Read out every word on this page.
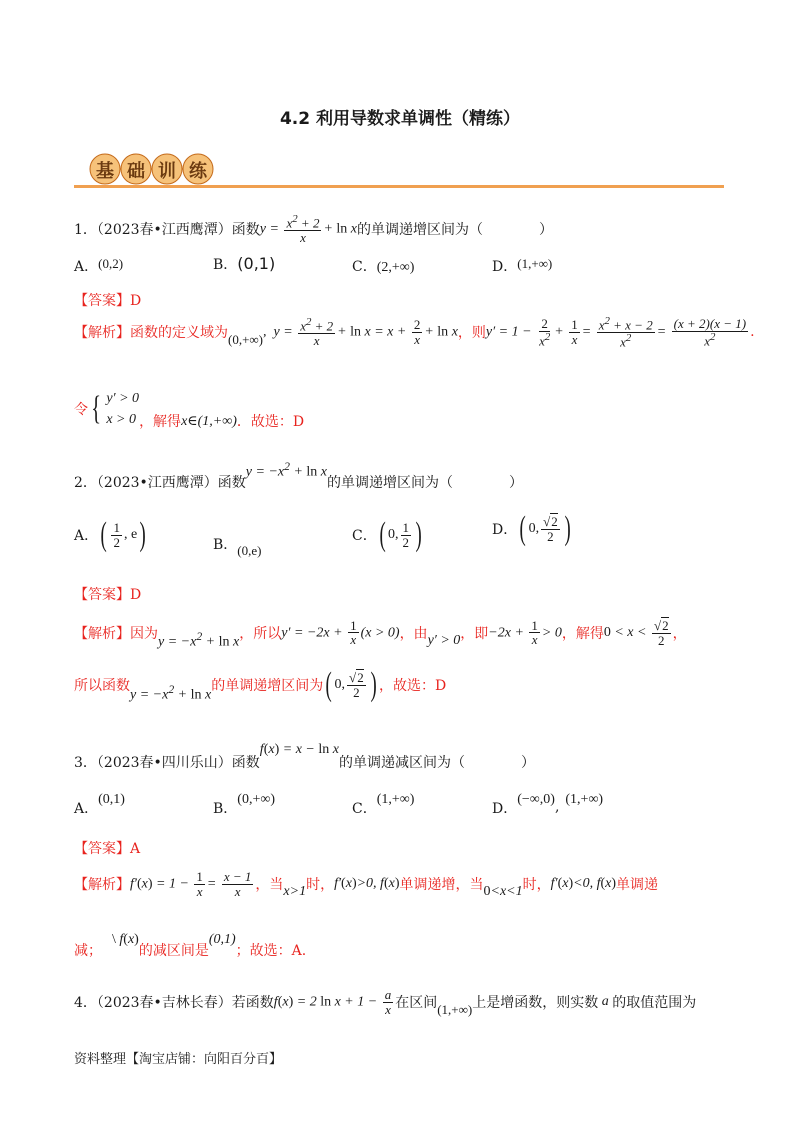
4.2 利用导数求单调性（精练）
基础训练
1．（2023春•江西鹰潭）函数 $y = \frac{x^2 + 2}{x} + \ln x$ 的单调递增区间为（　　　　）
A．(0,2)	B．(0,1)	C．(2,+∞)	D．(1,+∞)
【答案】D
【解析】 函数的定义域为 (0,+∞)
,  $y = \frac{x^2 + 2}{x} + \ln x = x + \frac{2}{x} + \ln x$ ，则 $y' = 1 - \frac{2}{x^2} + \frac{1}{x} = \frac{x^2 + x - 2}{x^2} = \frac{(x + 2)(x - 1)}{x^2}$ .
令 { y′ > 0
x > 0 ，解得 x∈(1,+∞) ．故选：D
2．（2023•江西鹰潭）函数
$y = -x^2 + \ln x$
的单调递增区间为（　　　　）
A． ( $\frac{1}{2}$ , e)	B．(0,e)
C． ( 0, $\frac{1}{2}$ )	D． ( 0, $\frac{√2}{2}$ )
【答案】D
【解析】 因为
$y = -x^2 + \ln x$
，所以 $y' = -2x + \frac{1}{x} (x > 0)$ ，由 y′ > 0 ，即 $-2x + \frac{1}{x} > 0$ ，解得 $0 < x < \frac{√2}{2}$ ，
所以函数
$y = -x^2 + \ln x$
的单调递增区间为 ( 0, $\frac{√2}{2}$ ) ，故选：D
3．（2023春•四川乐山）函数
f(x) = x − ln x
的单调递减区间为（　　　　）
A．(0,1)
B．(0,+∞)
C．(1,+∞)
D．(−∞,0), (1,+∞)
【答案】A
【解析】 $f'(x) = 1 - \frac{1}{x} = \frac{x - 1}{x}$ ，当 x>1 时， f′(x)>0, f(x) 单调递增，当 0<x<1 时， f′(x)<0, f(x) 单调递
减；
\ f(x)
的减区间是
(0,1)
；故选：A.
4．（2023春•吉林长春）若函数 f(x) = 2 $\ln x + 1 - \frac{a}{x}$ 在区间 (1,+∞) 上是增函数，则实数 a 的取值范围为
资料整理【淘宝店铺：向阳百分百】
